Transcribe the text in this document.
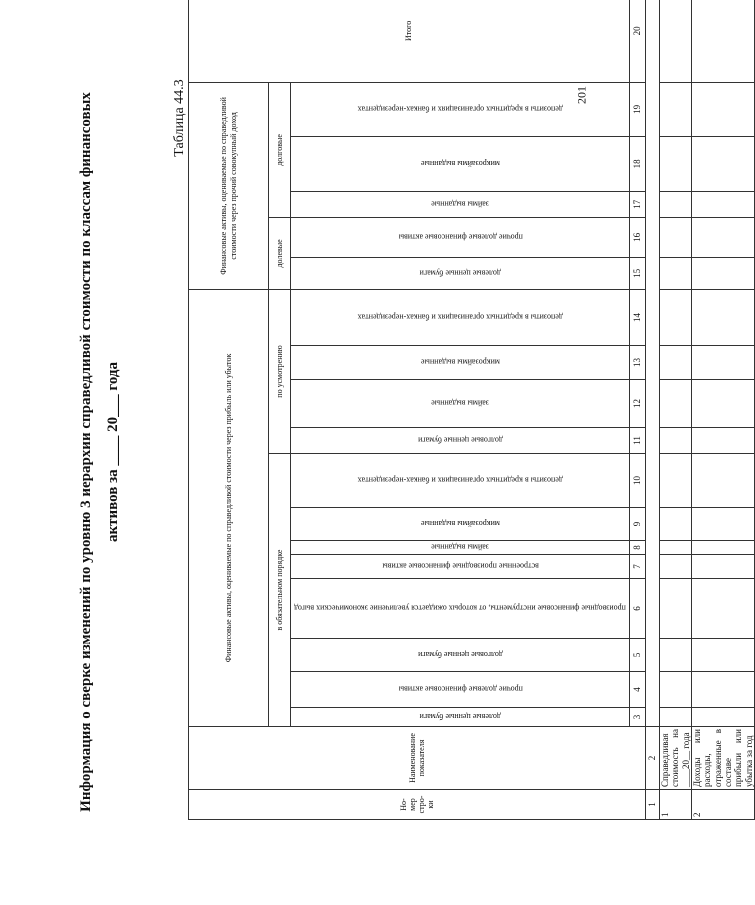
Информация о сверке изменений по уровню 3 иерархии справедливой стоимости по классам финансовых активов за ____ 20___ года
Таблица 44.3	201
Но-мер стро-ки	Наименование показателя	Финансовые активы, оцениваемые по справедливой стоимости через прибыль или убыток												Финансовые активы, оцениваемые по справедливой стоимости через прочий совокупный доход					Итого
		в обязательном порядке								по усмотрению				долевые		долговые			
		долевые ценные бумаги	прочие долевые финансовые активы	долговые ценные бумаги	производные финансовые инструменты, от которых ожидается увеличение экономических выгод	встроенные производные финансовые активы	займы выданные	микрозаймы выданные	депозиты в кредитных организациях и банках-нерезидентах	долговые ценные бумаги	займы выданные	микрозаймы выданные	депозиты в кредитных организациях и банках-нерезидентах	долевые ценные бумаги	прочие долевые финансовые активы	займы выданные	микрозаймы выданные	депозиты в кредитных организациях и банках-нерезидентах	
		3	4	5	6	7	8	9	10	11	12	13	14	15	16	17	18	19	20
1	2																		
1	Справедливая стоимость на ____20__ года																		
2	Доходы или расходы, отраженные в составе прибыли или убытка за год																		
